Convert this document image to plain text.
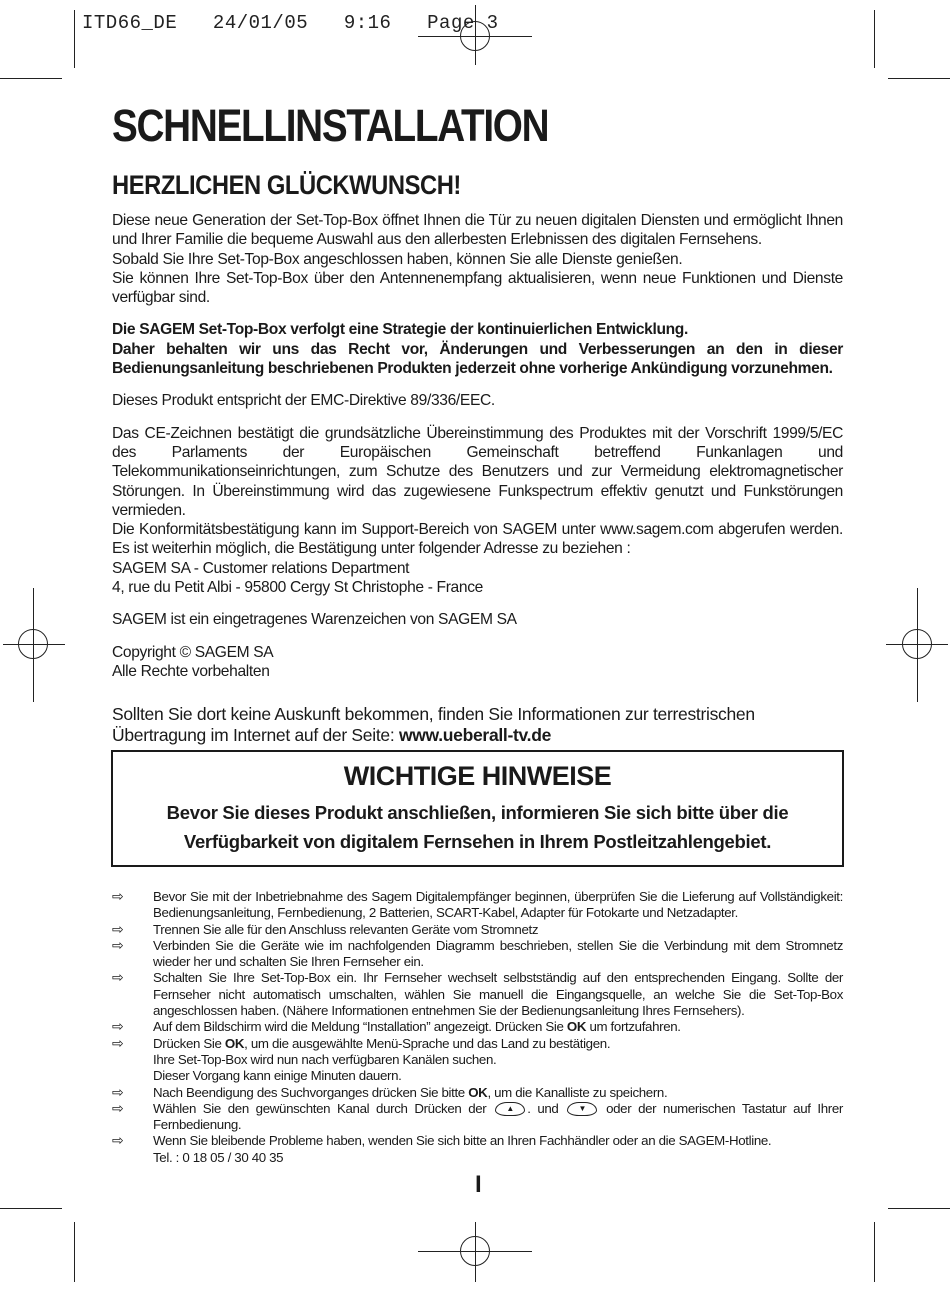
ITD66_DE   24/01/05   9:16   Page 3
SCHNELLINSTALLATION
HERZLICHEN GLÜCKWUNSCH!

Diese neue Generation der Set-Top-Box öffnet Ihnen die Tür zu neuen digitalen Diensten und ermöglicht Ihnen und Ihrer Familie die bequeme Auswahl aus den allerbesten Erlebnissen des digitalen Fernsehens.

Sobald Sie Ihre Set-Top-Box angeschlossen haben, können Sie alle Dienste genießen.

Sie können Ihre Set-Top-Box über den Antennenempfang aktualisieren, wenn neue Funktionen und Dienste verfügbar sind.

Die SAGEM Set-Top-Box verfolgt eine Strategie der kontinuierlichen Entwicklung.

Daher behalten wir uns das Recht vor, Änderungen und Verbesserungen an den in dieser Bedienungsanleitung beschriebenen Produkten jederzeit ohne vorherige Ankündigung vorzunehmen.

Dieses Produkt entspricht der EMC-Direktive 89/336/EEC.

Das CE-Zeichnen bestätigt die grundsätzliche Übereinstimmung des Produktes mit der Vorschrift 1999/5/EC des Parlaments der Europäischen Gemeinschaft betreffend Funkanlagen und Telekommunikationseinrichtungen, zum Schutze des Benutzers und zur Vermeidung elektromagnetischer Störungen. In Übereinstimmung wird das zugewiesene Funkspectrum effektiv genutzt und Funkstörungen vermieden.

Die Konformitätsbestätigung kann im Support-Bereich von SAGEM unter www.sagem.com abgerufen werden. Es ist weiterhin möglich, die Bestätigung unter folgender Adresse zu beziehen :

SAGEM SA - Customer relations Department

4, rue du Petit Albi - 95800 Cergy St Christophe - France

SAGEM ist ein eingetragenes Warenzeichen von SAGEM SA

Copyright © SAGEM SA

Alle Rechte vorbehalten

Sollten Sie dort keine Auskunft bekommen, finden Sie Informationen zur terrestrischen Übertragung im Internet auf der Seite: www.ueberall-tv.de

WICHTIGE HINWEISE
Bevor Sie dieses Produkt anschließen, informieren Sie sich bitte über die Verfügbarkeit von digitalem Fernsehen in Ihrem Postleitzahlengebiet.
⇨ Bevor Sie mit der Inbetriebnahme des Sagem Digitalempfänger beginnen, überprüfen Sie die Lieferung auf Vollständigkeit: Bedienungsanleitung, Fernbedienung, 2 Batterien, SCART-Kabel, Adapter für Fotokarte und Netzadapter.
⇨ Trennen Sie alle für den Anschluss relevanten Geräte vom Stromnetz
⇨ Verbinden Sie die Geräte wie im nachfolgenden Diagramm beschrieben, stellen Sie die Verbindung mit dem Stromnetz wieder her und schalten Sie Ihren Fernseher ein.
⇨ Schalten Sie Ihre Set-Top-Box ein. Ihr Fernseher wechselt selbstständig auf den entsprechenden Eingang. Sollte der Fernseher nicht automatisch umschalten, wählen Sie manuell die Eingangsquelle, an welche Sie die Set-Top-Box angeschlossen haben. (Nähere Informationen entnehmen Sie der Bedienungsanleitung Ihres Fernsehers).
⇨ Auf dem Bildschirm wird die Meldung “Installation” angezeigt. Drücken Sie OK um fortzufahren.
⇨ Drücken Sie OK, um die ausgewählte Menü-Sprache und das Land zu bestätigen.
Ihre Set-Top-Box wird nun nach verfügbaren Kanälen suchen.
Dieser Vorgang kann einige Minuten dauern.
⇨ Nach Beendigung des Suchvorganges drücken Sie bitte OK, um die Kanalliste zu speichern.
⇨ Wählen Sie den gewünschten Kanal durch Drücken der ▲ . und ▼ oder der numerischen Tastatur auf Ihrer Fernbedienung.
⇨ Wenn Sie bleibende Probleme haben, wenden Sie sich bitte an Ihren Fachhändler oder an die SAGEM-Hotline.
Tel. : 0 18 05 / 30 40 35
I
